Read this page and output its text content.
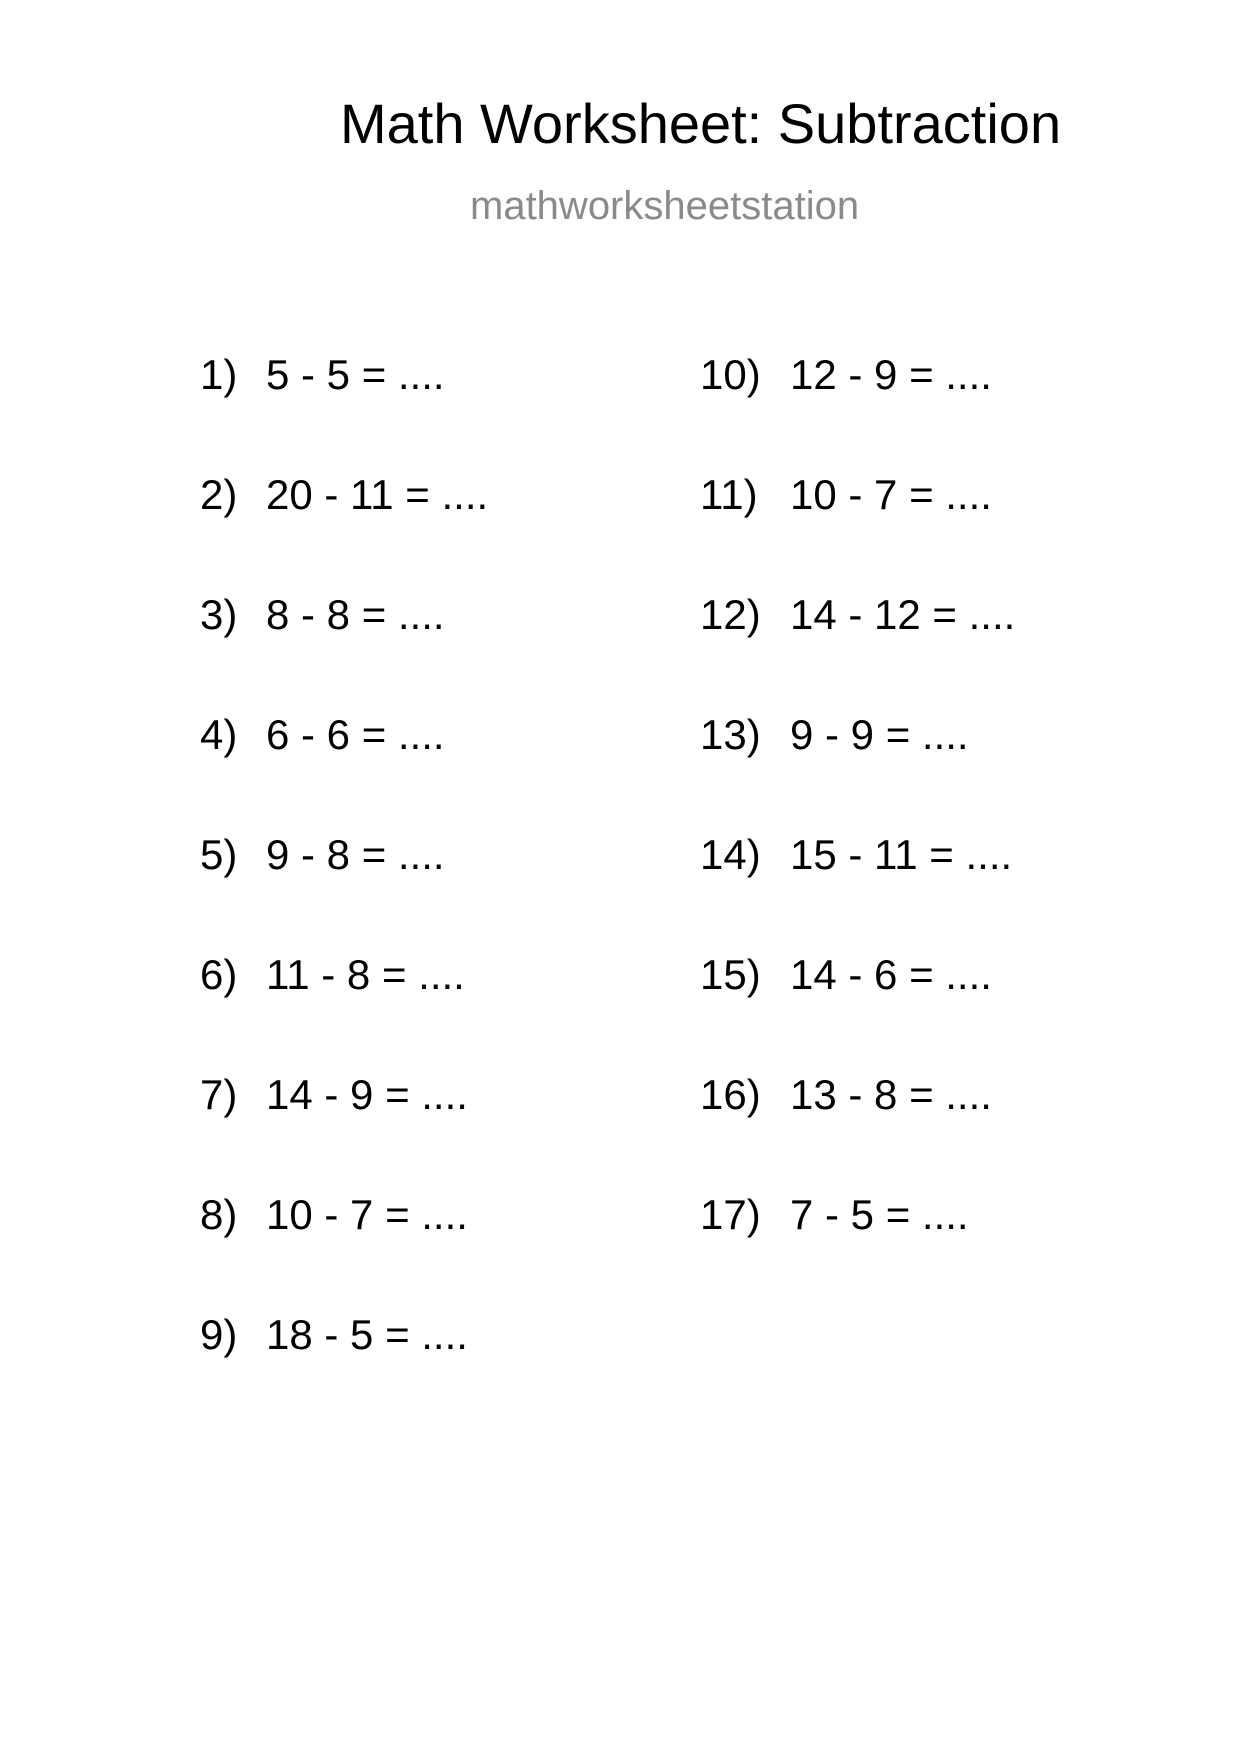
Math Worksheet: Subtraction
mathworksheetstation
1) 5 - 5 = ....
2) 20 - 11 = ....
3) 8 - 8 = ....
4) 6 - 6 = ....
5) 9 - 8 = ....
6) 11 - 8 = ....
7) 14 - 9 = ....
8) 10 - 7 = ....
9) 18 - 5 = ....
10) 12 - 9 = ....
11) 10 - 7 = ....
12) 14 - 12 = ....
13) 9 - 9 = ....
14) 15 - 11 = ....
15) 14 - 6 = ....
16) 13 - 8 = ....
17) 7 - 5 = ....
